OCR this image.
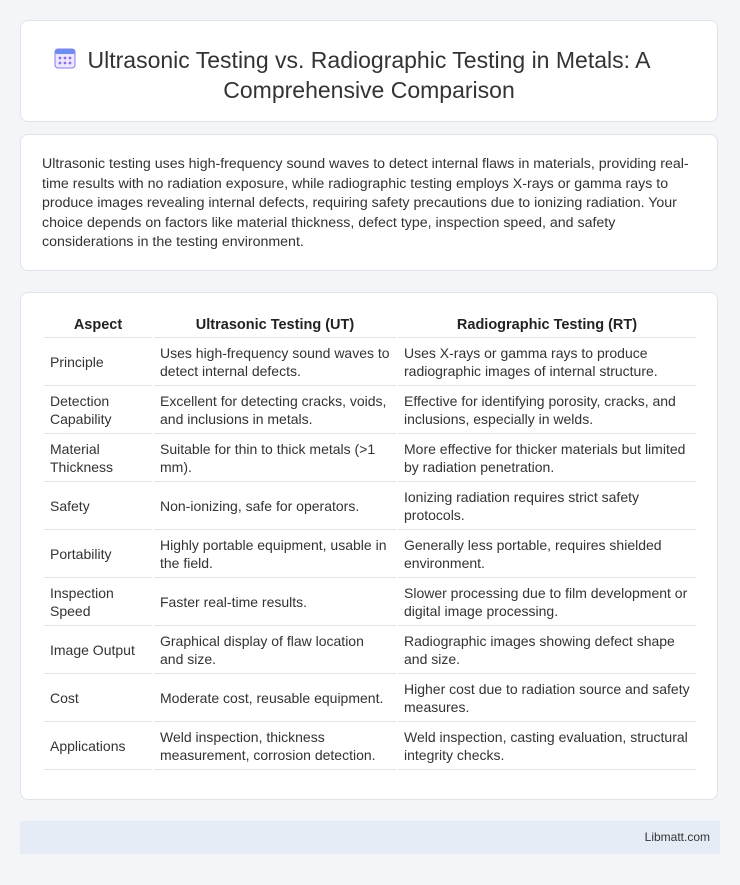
Ultrasonic Testing vs. Radiographic Testing in Metals: A
Comprehensive Comparison
Ultrasonic testing uses high-frequency sound waves to detect internal flaws in materials, providing real-time results with no radiation exposure, while radiographic testing employs X-rays or gamma rays to produce images revealing internal defects, requiring safety precautions due to ionizing radiation. Your choice depends on factors like material thickness, defect type, inspection speed, and safety considerations in the testing environment.
Aspect	Ultrasonic Testing (UT)	Radiographic Testing (RT)
Principle	Uses high-frequency sound waves to detect internal defects.	Uses X-rays or gamma rays to produce radiographic images of internal structure.
Detection Capability	Excellent for detecting cracks, voids, and inclusions in metals.	Effective for identifying porosity, cracks, and inclusions, especially in welds.
Material Thickness	Suitable for thin to thick metals (>1 mm).	More effective for thicker materials but limited by radiation penetration.
Safety	Non-ionizing, safe for operators.	Ionizing radiation requires strict safety protocols.
Portability	Highly portable equipment, usable in the field.	Generally less portable, requires shielded environment.
Inspection Speed	Faster real-time results.	Slower processing due to film development or digital image processing.
Image Output	Graphical display of flaw location and size.	Radiographic images showing defect shape and size.
Cost	Moderate cost, reusable equipment.	Higher cost due to radiation source and safety measures.
Applications	Weld inspection, thickness measurement, corrosion detection.	Weld inspection, casting evaluation, structural integrity checks.
Libmatt.com
